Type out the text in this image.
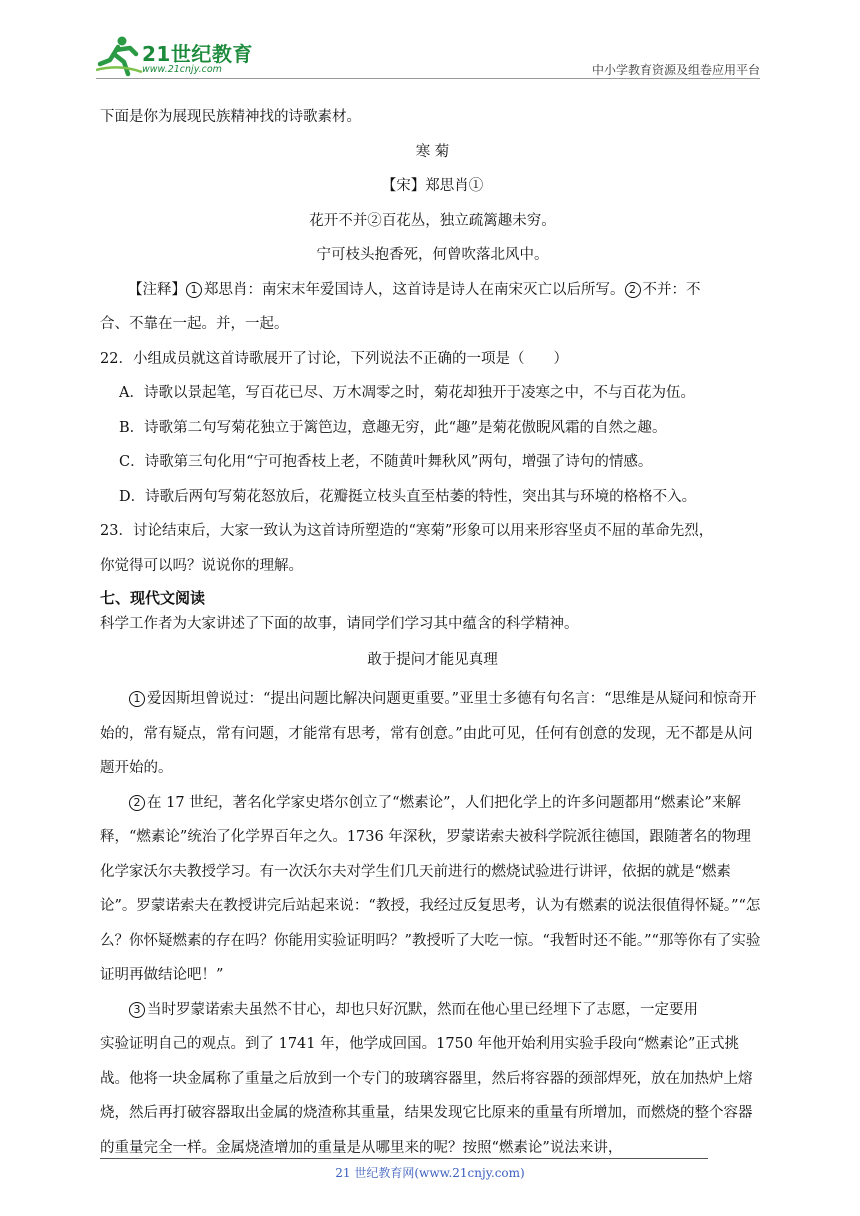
21世纪教育
www.21cnjy.com	中小学教育资源及组卷应用平台

下面是你为展现民族精神找的诗歌素材。

寒 菊

【宋】郑思肖①

花开不并②百花丛，独立疏篱趣未穷。

宁可枝头抱香死，何曾吹落北风中。

【注释】 1 郑思肖：南宋末年爱国诗人，这首诗是诗人在南宋灭亡以后所写。 2 不并：不

合、不靠在一起。并，一起。

22．小组成员就这首诗歌展开了讨论，下列说法不正确的一项是（　　）

A．诗歌以景起笔，写百花已尽、万木凋零之时，菊花却独开于凌寒之中，不与百花为伍。

B．诗歌第二句写菊花独立于篱笆边，意趣无穷，此“趣”是菊花傲睨风霜的自然之趣。

C．诗歌第三句化用“宁可抱香枝上老，不随黄叶舞秋风”两句，增强了诗句的情感。

D．诗歌后两句写菊花怒放后，花瓣挺立枝头直至枯萎的特性，突出其与环境的格格不入。

23．讨论结束后，大家一致认为这首诗所塑造的“寒菊”形象可以用来形容坚贞不屈的革命先烈，

你觉得可以吗？说说你的理解。

七、现代文阅读

科学工作者为大家讲述了下面的故事，请同学们学习其中蕴含的科学精神。

敢于提问才能见真理

1 爱因斯坦曾说过：“提出问题比解决问题更重要。”亚里士多德有句名言：“思维是从疑问和惊奇开始的，常有疑点，常有问题，才能常有思考，常有创意。”由此可见，任何有创意的发现，无不都是从问题开始的。

2 在 17 世纪，著名化学家史塔尔创立了“燃素论”，人们把化学上的许多问题都用“燃素论”来解释，“燃素论”统治了化学界百年之久。1736 年深秋，罗蒙诺索夫被科学院派往德国，跟随著名的物理化学家沃尔夫教授学习。有一次沃尔夫对学生们几天前进行的燃烧试验进行讲评，依据的就是“燃素论”。罗蒙诺索夫在教授讲完后站起来说：“教授，我经过反复思考，认为有燃素的说法很值得怀疑。”“怎么？你怀疑燃素的存在吗？你能用实验证明吗？”教授听了大吃一惊。“我暂时还不能。”“那等你有了实验证明再做结论吧！”

3 当时罗蒙诺索夫虽然不甘心，却也只好沉默，然而在他心里已经埋下了志愿，一定要用

实验证明自己的观点。到了 1741 年，他学成回国。1750 年他开始利用实验手段向“燃素论”正式挑战。他将一块金属称了重量之后放到一个专门的玻璃容器里，然后将容器的颈部焊死，放在加热炉上熔烧，然后再打破容器取出金属的烧渣称其重量，结果发现它比原来的重量有所增加，而燃烧的整个容器的重量完全一样。金属烧渣增加的重量是从哪里来的呢？按照“燃素论”说法来讲，

21 世纪教育网(www.21cnjy.com)
